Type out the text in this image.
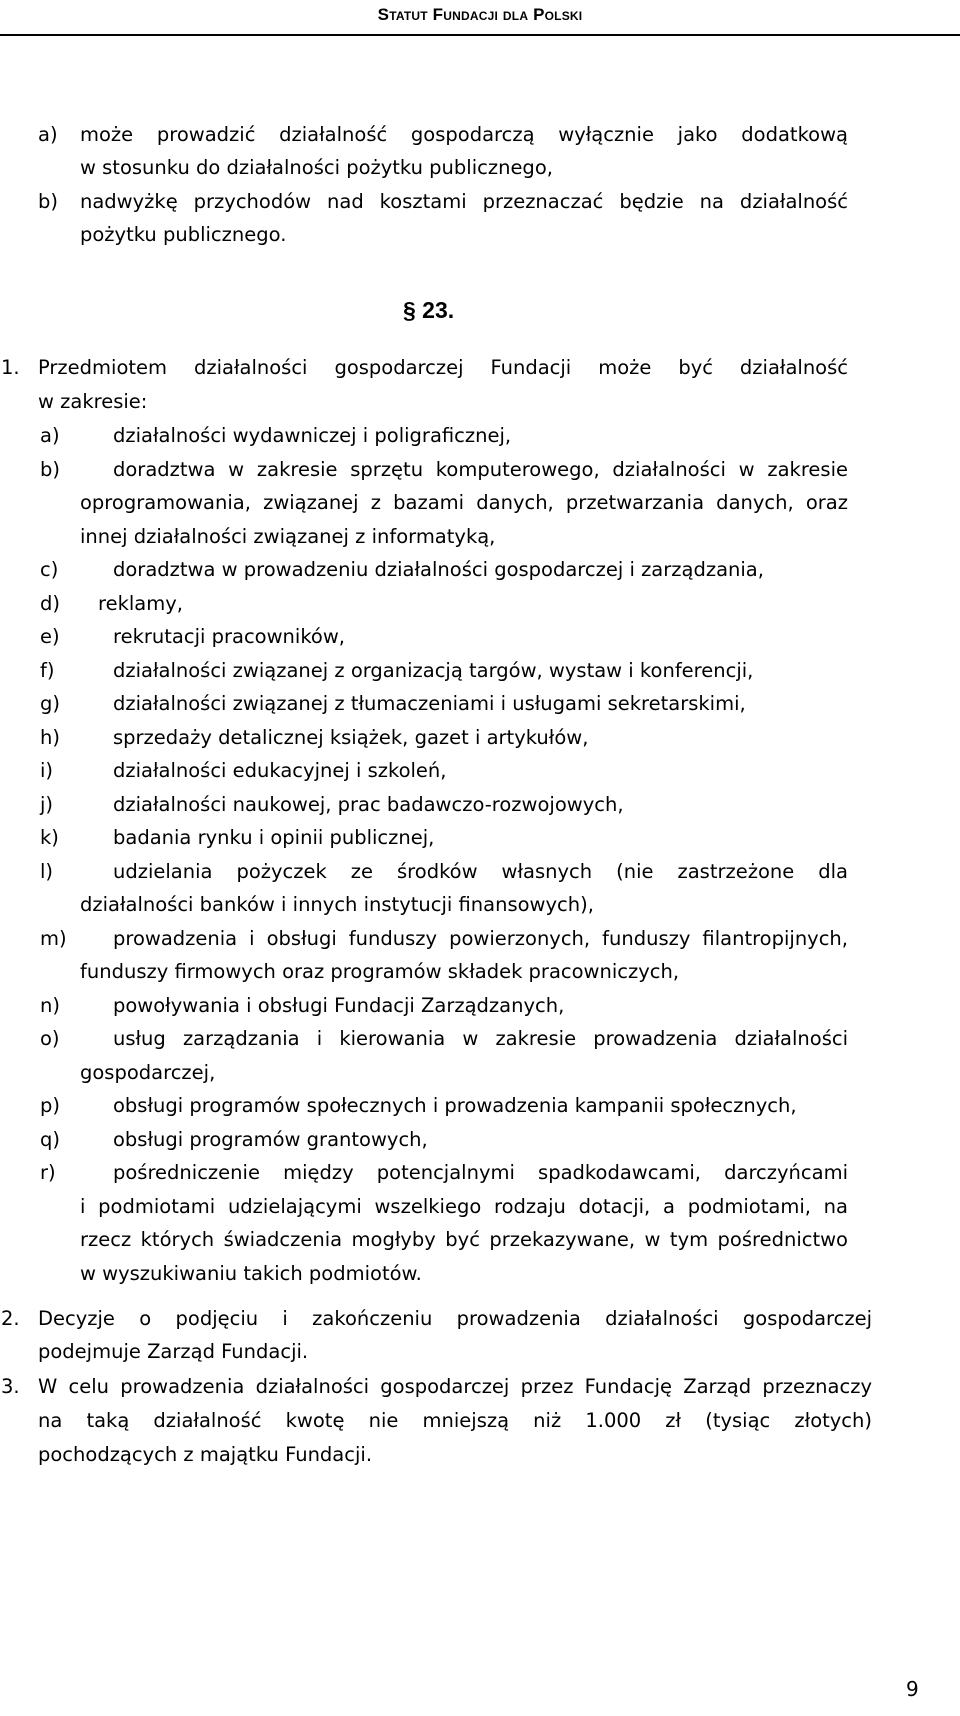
Statut Fundacji dla Polski
a) może prowadzić działalność gospodarczą wyłącznie jako dodatkową
w stosunku do działalności pożytku publicznego,
b) nadwyżkę przychodów nad kosztami przeznaczać będzie na działalność
pożytku publicznego.
§ 23.
1. Przedmiotem działalności gospodarczej Fundacji może być działalność
w zakresie:
a)	działalności wydawniczej i poligraficznej,
b)	doradztwa w zakresie sprzętu komputerowego, działalności w zakresie
oprogramowania, związanej z bazami danych, przetwarzania danych, oraz
innej działalności związanej z informatyką,
c)	doradztwa w prowadzeniu działalności gospodarczej i zarządzania,
d) reklamy,
e)	rekrutacji pracowników,
f)	działalności związanej z organizacją targów, wystaw i konferencji,
g)	działalności związanej z tłumaczeniami i usługami sekretarskimi,
h)	sprzedaży detalicznej książek, gazet i artykułów,
i)	działalności edukacyjnej i szkoleń,
j)	działalności naukowej, prac badawczo-rozwojowych,
k)	badania rynku i opinii publicznej,
l)	udzielania pożyczek ze środków własnych (nie zastrzeżone dla
działalności banków i innych instytucji finansowych),
m) prowadzenia i obsługi funduszy powierzonych, funduszy filantropijnych,
funduszy firmowych oraz programów składek pracowniczych,
n)	powoływania i obsługi Fundacji Zarządzanych,
o)	usług zarządzania i kierowania w zakresie prowadzenia działalności
gospodarczej,
p)	obsługi programów społecznych i prowadzenia kampanii społecznych,
q)	obsługi programów grantowych,
r)	pośredniczenie między potencjalnymi spadkodawcami, darczyńcami
i podmiotami udzielającymi wszelkiego rodzaju dotacji, a podmiotami, na
rzecz których świadczenia mogłyby być przekazywane, w tym pośrednictwo
w wyszukiwaniu takich podmiotów.
2. Decyzje o podjęciu i zakończeniu prowadzenia działalności gospodarczej
podejmuje Zarząd Fundacji.
3. W celu prowadzenia działalności gospodarczej przez Fundację Zarząd przeznaczy
na taką działalność kwotę nie mniejszą niż 1.000 zł (tysiąc złotych)
pochodzących z majątku Fundacji.
9
